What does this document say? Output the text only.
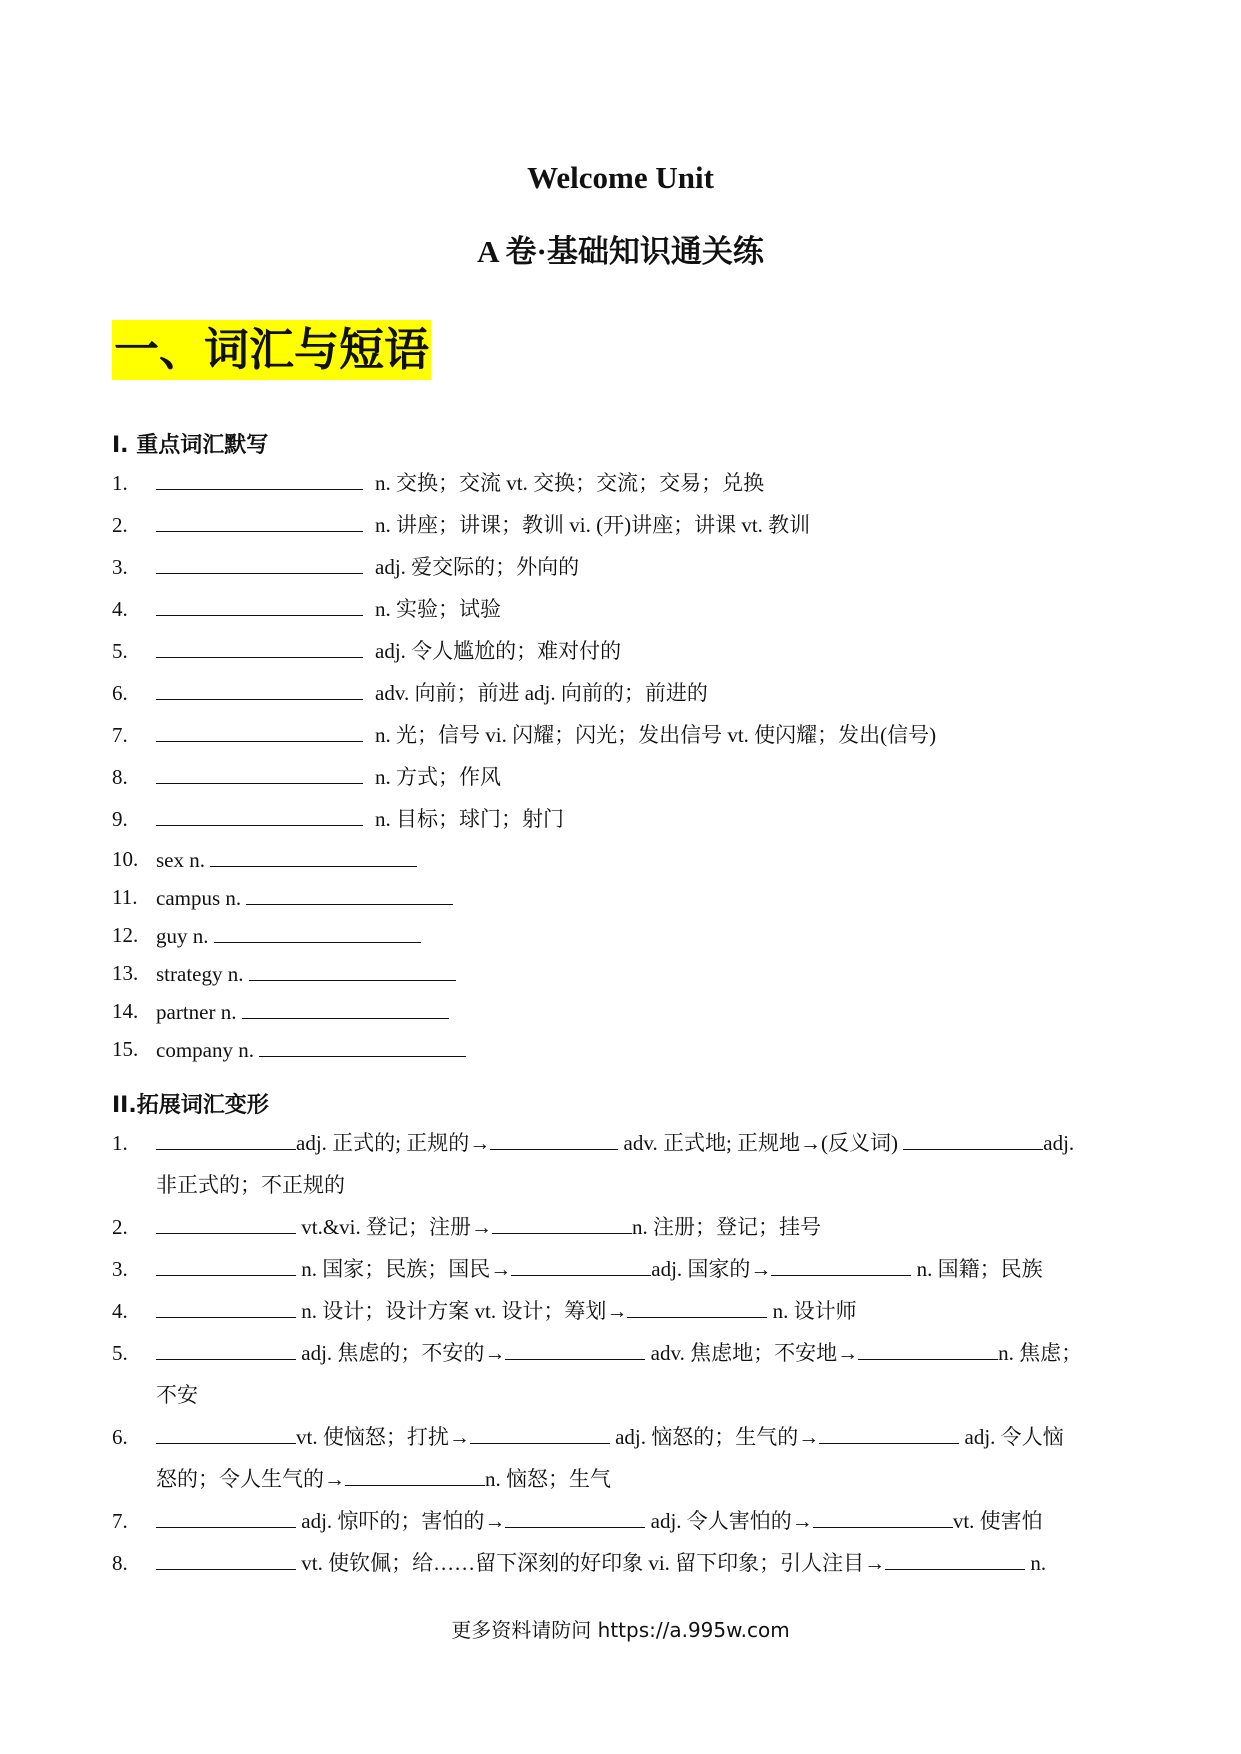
Welcome Unit
A 卷·基础知识通关练
一、词汇与短语
I. 重点词汇默写
1.	n. 交换；交流 vt. 交换；交流；交易；兑换
2.	n. 讲座；讲课；教训 vi. (开)讲座；讲课 vt. 教训
3.	adj. 爱交际的；外向的
4.	n. 实验；试验
5.	adj. 令人尴尬的；难对付的
6.	adv. 向前；前进 adj. 向前的；前进的
7.	n. 光；信号 vi. 闪耀；闪光；发出信号 vt. 使闪耀；发出(信号)
8.	n. 方式；作风
9.	n. 目标；球门；射门
10. sex n.
11. campus n.
12. guy n.
13. strategy n.
14. partner n.
15. company n.
II.拓展词汇变形
1.	adj. 正式的; 正规的→	adv. 正式地; 正规地→(反义词)	adj.
非正式的；不正规的
2.	vt.&vi. 登记；注册→	n. 注册；登记；挂号
3.	n. 国家；民族；国民→	adj. 国家的→	n. 国籍；民族
4.	n. 设计；设计方案 vt. 设计；筹划→	n. 设计师
5.	adj. 焦虑的；不安的→	adv. 焦虑地；不安地→	n. 焦虑；
不安
6.	vt. 使恼怒；打扰→	adj. 恼怒的；生气的→	adj. 令人恼
怒的；令人生气的→	n. 恼怒；生气
7.	adj. 惊吓的；害怕的→	adj. 令人害怕的→	vt. 使害怕
8.	vt. 使钦佩；给……留下深刻的好印象 vi. 留下印象；引人注目→	n.
更多资料请防问 https://a.995w.com
